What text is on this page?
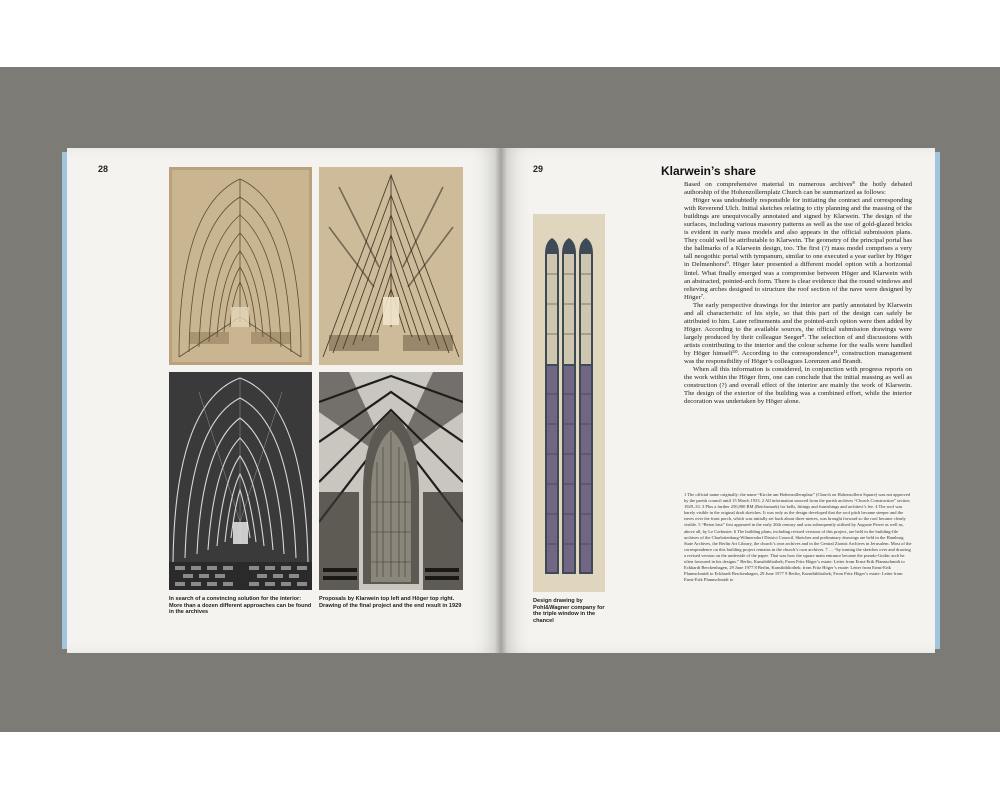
28
In search of a convincing solution for the interior: More than a dozen different approaches can be found in the archives
Proposals by Klarwein top left and Höger top right. Drawing of the final project and the end result in 1929
29	Klarwein’s share
Design drawing by Pohl&Wagner company for the triple window in the chancel

Based on comprehensive material in numerous archives⁸ the hotly debated authorship of the Hohenzollernplatz Church can be summarized as follows:

Höger was undoubtedly responsible for initiating the contract and corresponding with Reverend Ulch. Initial sketches relating to city planning and the massing of the buildings are unequivocally annotated and signed by Klarwein. The design of the surfaces, including various masonry patterns as well as the use of gold-glazed bricks is evident in early mass models and also appears in the official submission plans. They could well be attributable to Klarwein. The geometry of the principal portal has the hallmarks of a Klarwein design, too. The first (?) mass model comprises a very tall neogothic portal with tympanum, similar to one executed a year earlier by Höger in Delmenhorst⁹. Höger later presented a different model option with a horizontal lintel. What finally emerged was a compromise between Höger and Klarwein with an abstracted, pointed-arch form. There is clear evidence that the round windows and relieving arches designed to structure the roof section of the nave were designed by Höger⁷.

The early perspective drawings for the interior are partly annotated by Klarwein and all characteristic of his style, so that this part of the design can safely be attributed to him. Later refinements and the pointed-arch option were then added by Höger. According to the available sources, the official submission drawings were largely produced by their colleague Seeger⁸. The selection of and discussions with artists contributing to the interior and the colour scheme for the walls were handled by Höger himself¹⁰. According to the correspondence¹¹, construction management was the responsibility of Höger’s colleagues Lorenzen and Brandt.

When all this information is considered, in conjunction with progress reports on the work within the Höger firm, one can conclude that the initial massing as well as construction (?) and overall effect of the interior are mainly the work of Klarwein. The design of the exterior of the building was a combined effort, while the interior decoration was undertaken by Höger alone.

1 The official name originally: the name “Kirche am Hohenzollernplatz” (Church on Hohenzollern Square) was not approved by the parish council until 15 March 1933. 2 All information sourced from the parish archives “Church Construction” section 1929–33. 3 Plus a further 250,000 RM (Reichsmark) for bells, fittings and furnishings and architect’s fee. 4 The roof was barely visible in the original draft sketches. It was only as the design developed that the roof pitch became steeper and the eaves over the front porch, which was initially set back about three metres, was brought forward so the roof became clearly visible. 5 “Beton brut” first appeared in the early 20th century and was subsequently utilised by Auguste Perret as well as, above all, by Le Corbusier. 6 The building plans, including revised versions of this project, are held in the building-file archives of the Charlottenburg-Wilmersdorf District Council. Sketches and preliminary drawings are held in the Hamburg State Archives, the Berlin Art Library, the church’s own archives and in the Central Zionist Archives in Jerusalem. Most of the correspondence on this building project remains in the church’s own archives. 7 … “by turning the sketches over and drawing a revised version on the underside of the paper. That was how the square main entrance became the pseudo-Gothic arch he often favoured in his designs.” Berlin, Kunstbibliothek; From Fritz Höger’s estate: Letter from Ernst-Erik Pfannschmidt to Eckhardt Berckenhagen, 29 June 1977 8 Berlin, Kunstbibliothek; from Fritz Höger’s estate: Letter from Ernst-Erik Pfannschmidt to Eckhardt Berckenhagen, 29 June 1977 9 Berlin, Kunstbibliothek; From Fritz Höger’s estate: Letter from Ernst-Erik Pfannschmidt to
